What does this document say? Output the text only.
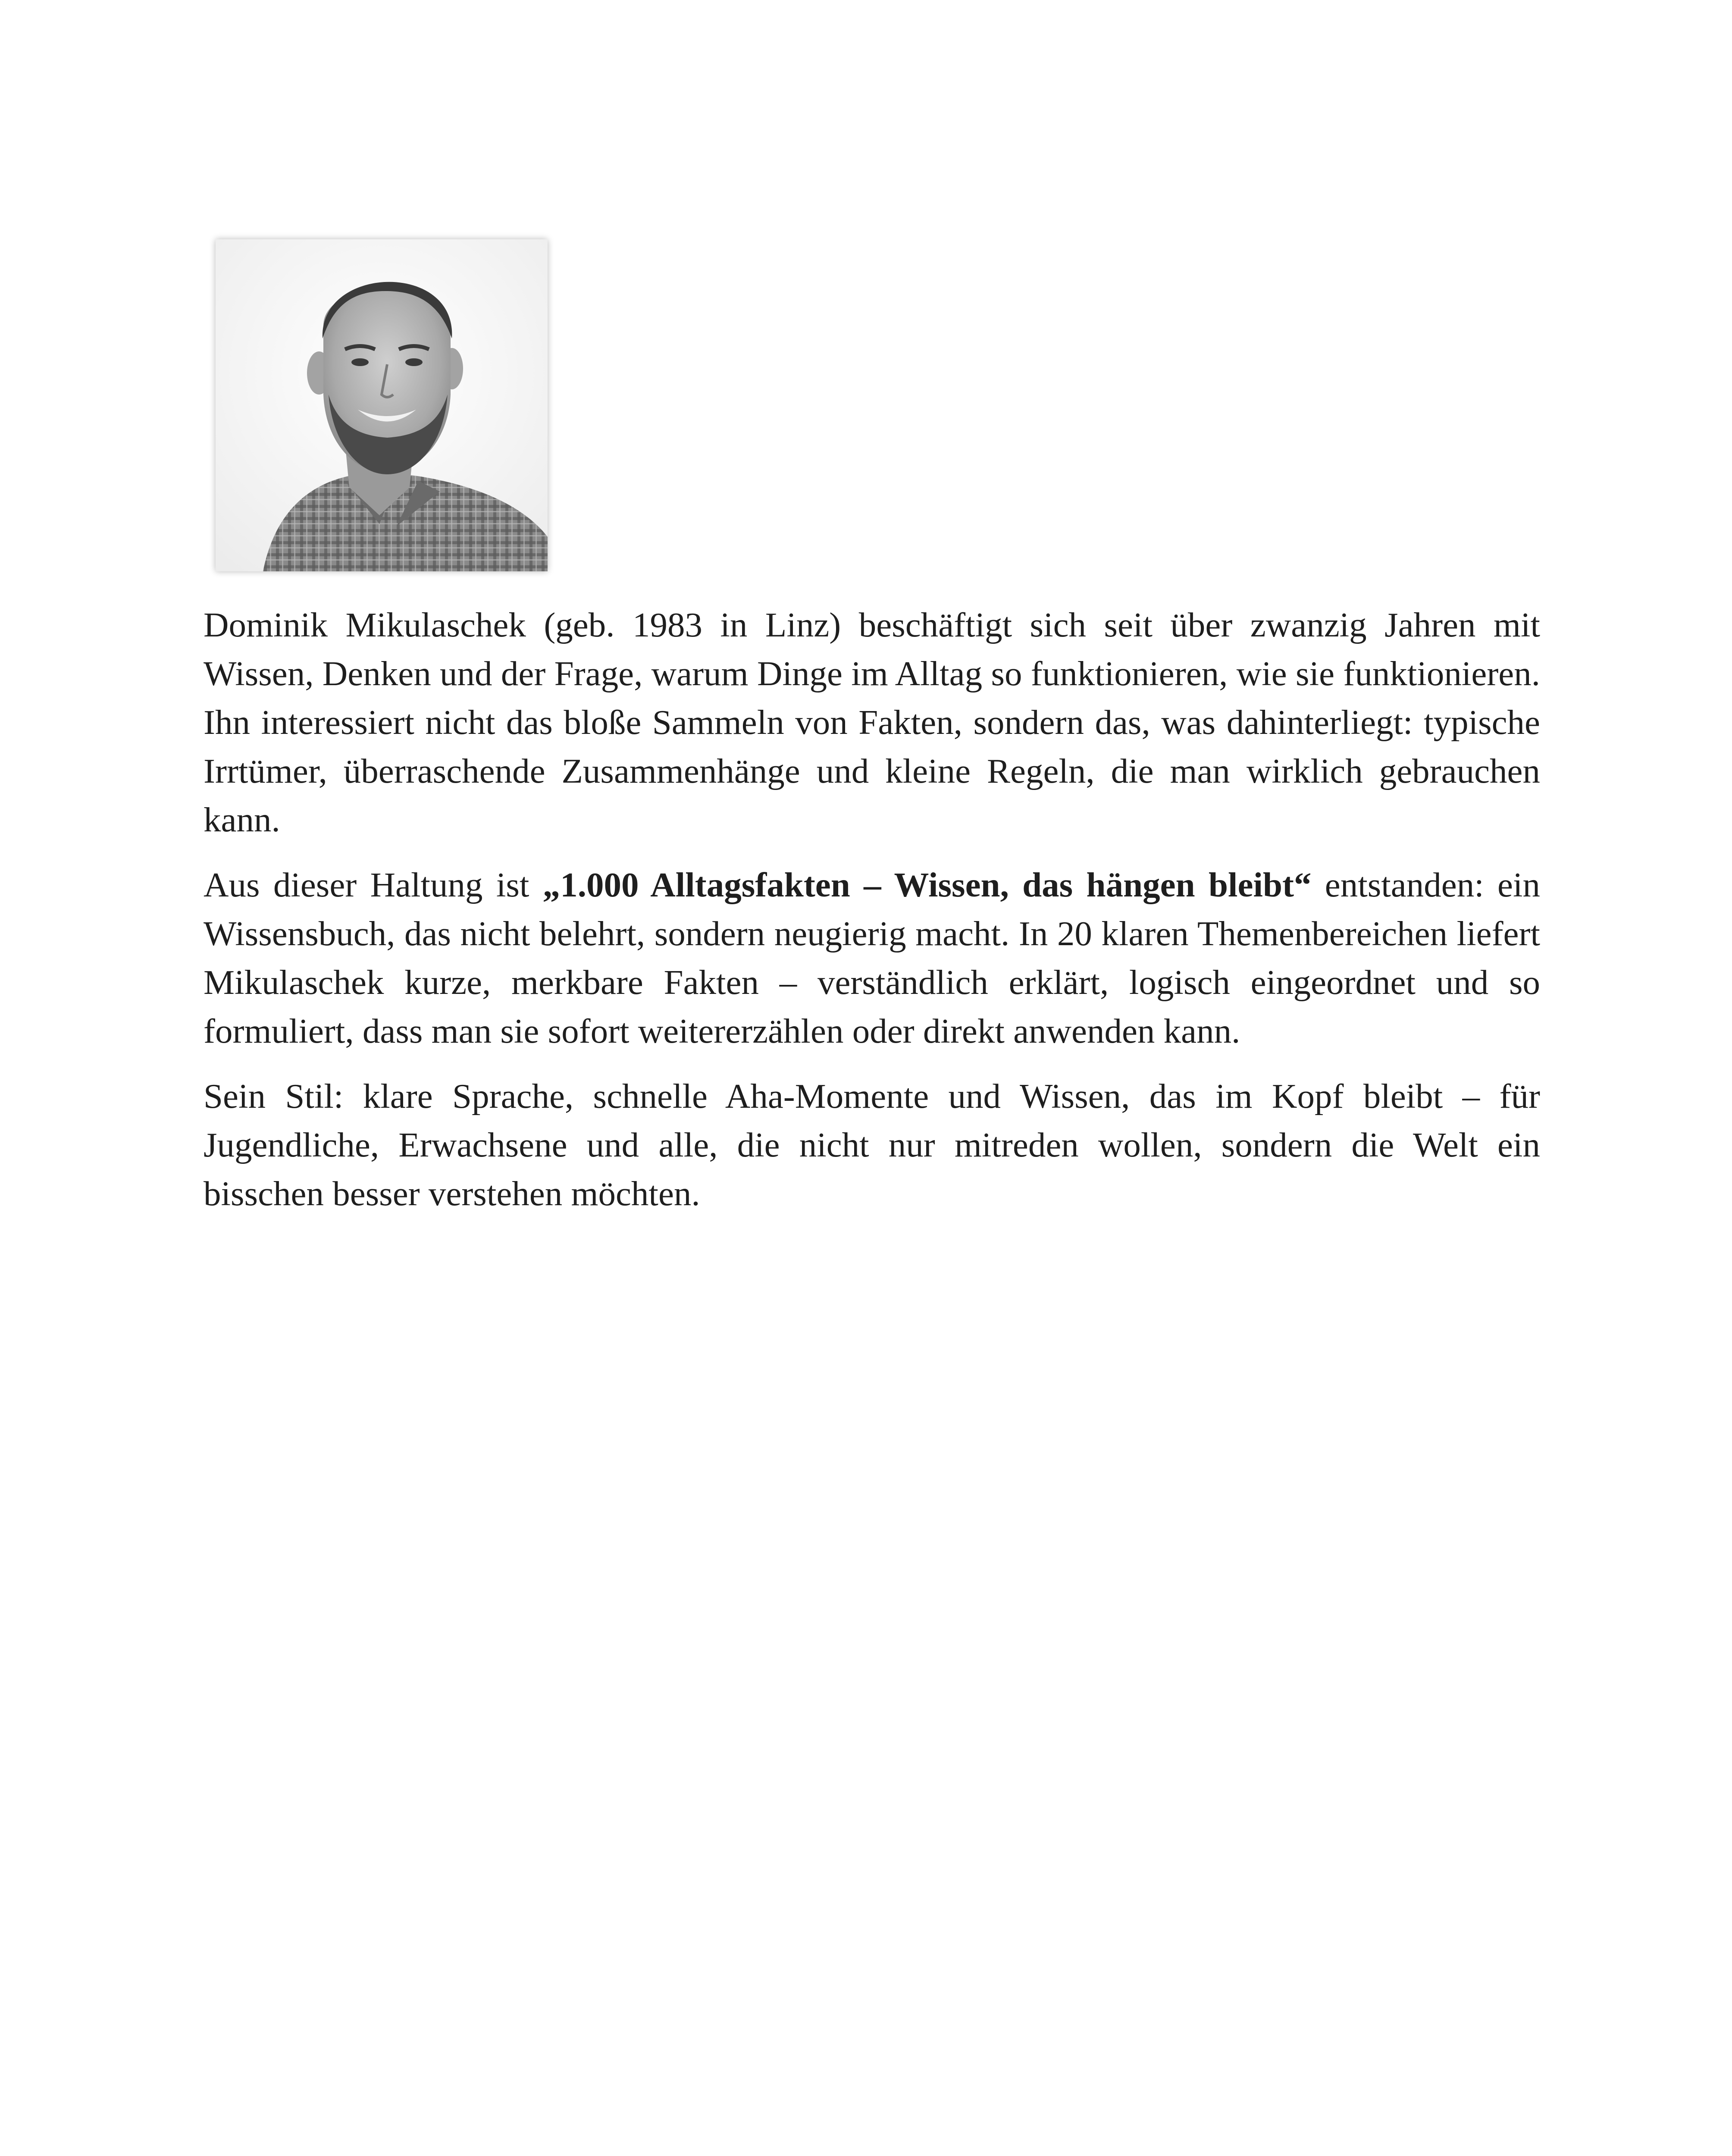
Dominik Mikulaschek (geb. 1983 in Linz) beschäftigt sich seit über zwanzig Jahren mit Wissen, Denken und der Frage, warum Dinge im Alltag so funktionieren, wie sie funktionieren. Ihn interessiert nicht das bloße Sammeln von Fakten, sondern das, was dahinterliegt: typische Irrtümer, überraschende Zusammenhänge und kleine Regeln, die man wirklich gebrauchen kann.

Aus dieser Haltung ist „1.000 Alltagsfakten – Wissen, das hängen bleibt“ entstanden: ein Wissensbuch, das nicht belehrt, sondern neugierig macht. In 20 klaren Themenbereichen liefert Mikulaschek kurze, merkbare Fakten – verständlich erklärt, logisch eingeordnet und so formuliert, dass man sie sofort weitererzählen oder direkt anwenden kann.

Sein Stil: klare Sprache, schnelle Aha-Momente und Wissen, das im Kopf bleibt – für Jugendliche, Erwachsene und alle, die nicht nur mitreden wollen, sondern die Welt ein bisschen besser verstehen möchten.
